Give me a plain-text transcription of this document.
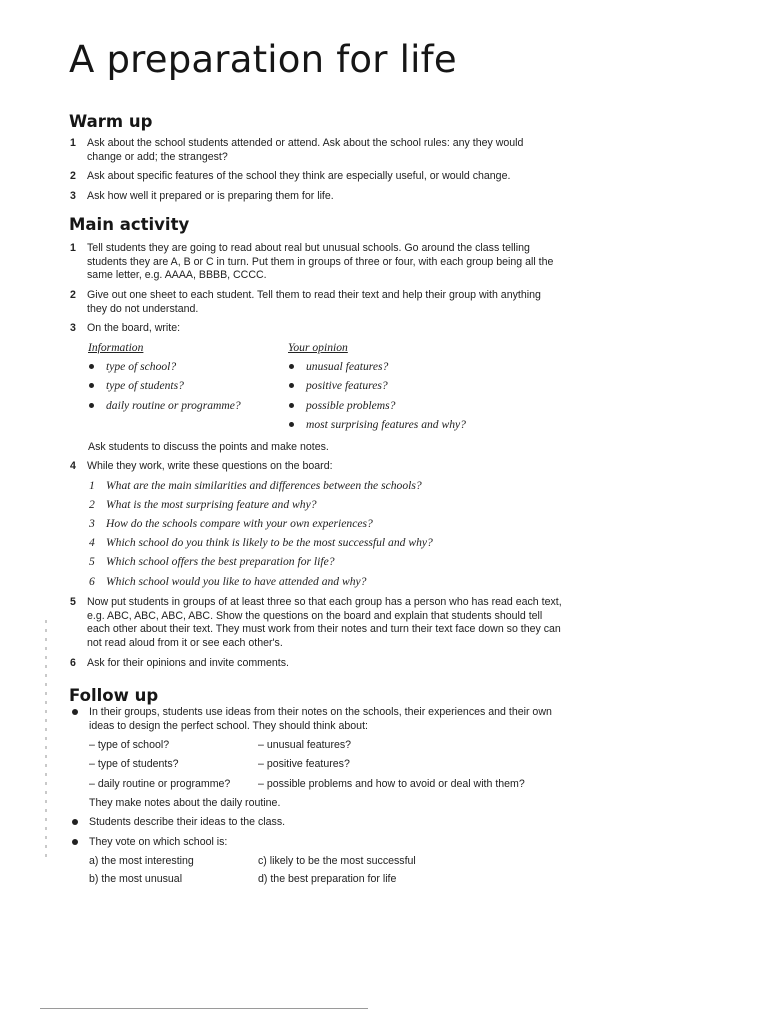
A preparation for life
Warm up
1 Ask about the school students attended or attend. Ask about the school rules: any they would change or add; the strangest?
2 Ask about specific features of the school they think are especially useful, or would change.
3 Ask how well it prepared or is preparing them for life.
Main activity
1 Tell students they are going to read about real but unusual schools. Go around the class telling students they are A, B or C in turn. Put them in groups of three or four, with each group being all the same letter, e.g. AAAA, BBBB, CCCC.
2 Give out one sheet to each student. Tell them to read their text and help their group with anything they do not understand.
3 On the board, write:
Information	Your opinion
type of school?
type of students?
daily routine or programme?
unusual features?
positive features?
possible problems?
most surprising features and why?
Ask students to discuss the points and make notes.
4 While they work, write these questions on the board:
1 What are the main similarities and differences between the schools?
2 What is the most surprising feature and why?
3 How do the schools compare with your own experiences?
4 Which school do you think is likely to be the most successful and why?
5 Which school offers the best preparation for life?
6 Which school would you like to have attended and why?
5 Now put students in groups of at least three so that each group has a person who has read each text, e.g. ABC, ABC, ABC, ABC. Show the questions on the board and explain that students should tell each other about their text. They must work from their notes and turn their text face down so they can not read aloud from it or see each other's.
6 Ask for their opinions and invite comments.
Follow up
In their groups, students use ideas from their notes on the schools, their experiences and their own ideas to design the perfect school. They should think about:
– type of school?
– type of students?
– daily routine or programme?
– unusual features?
– positive features?
– possible problems and how to avoid or deal with them?
They make notes about the daily routine.
Students describe their ideas to the class.
They vote on which school is:
a) the most interesting
b) the most unusual
c) likely to be the most successful
d) the best preparation for life
